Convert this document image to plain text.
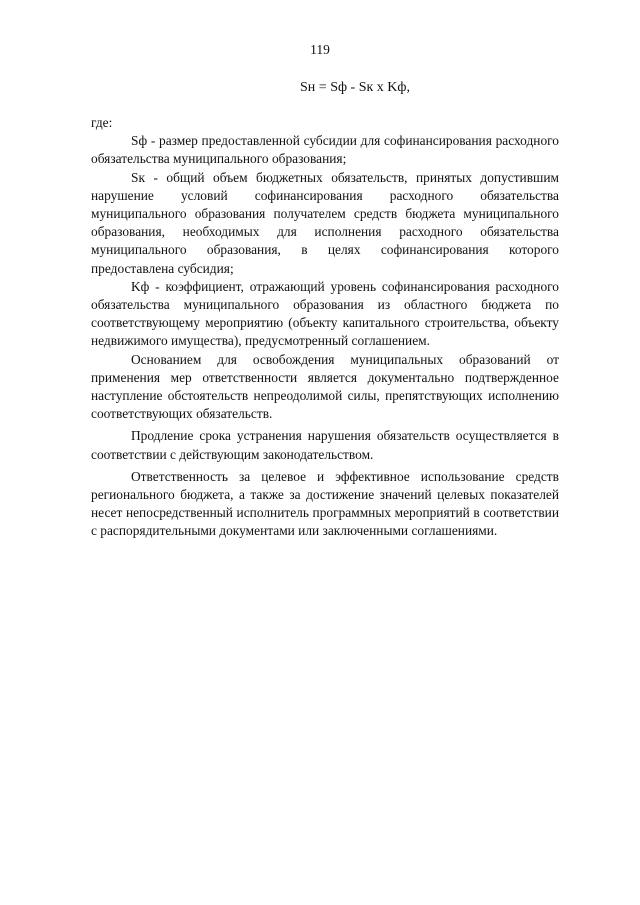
119
Sн = Sф - Sк x Kф,

где:

Sф - размер предоставленной субсидии для софинансирования расходного обязательства муниципального образования;

Sк - общий объем бюджетных обязательств, принятых допустившим нарушение условий софинансирования расходного обязательства муниципального образования получателем средств бюджета муниципального образования, необходимых для исполнения расходного обязательства муниципального образования, в целях софинансирования которого предоставлена субсидия;

Kф - коэффициент, отражающий уровень софинансирования расходного обязательства муниципального образования из областного бюджета по соответствующему мероприятию (объекту капитального строительства, объекту недвижимого имущества), предусмотренный соглашением.

Основанием для освобождения муниципальных образований от применения мер ответственности является документально подтвержденное наступление обстоятельств непреодолимой силы, препятствующих исполнению соответствующих обязательств.

Продление срока устранения нарушения обязательств осуществляется в соответствии с действующим законодательством.

Ответственность за целевое и эффективное использование средств регионального бюджета, а также за достижение значений целевых показателей несет непосредственный исполнитель программных мероприятий в соответствии с распорядительными документами или заключенными соглашениями.
